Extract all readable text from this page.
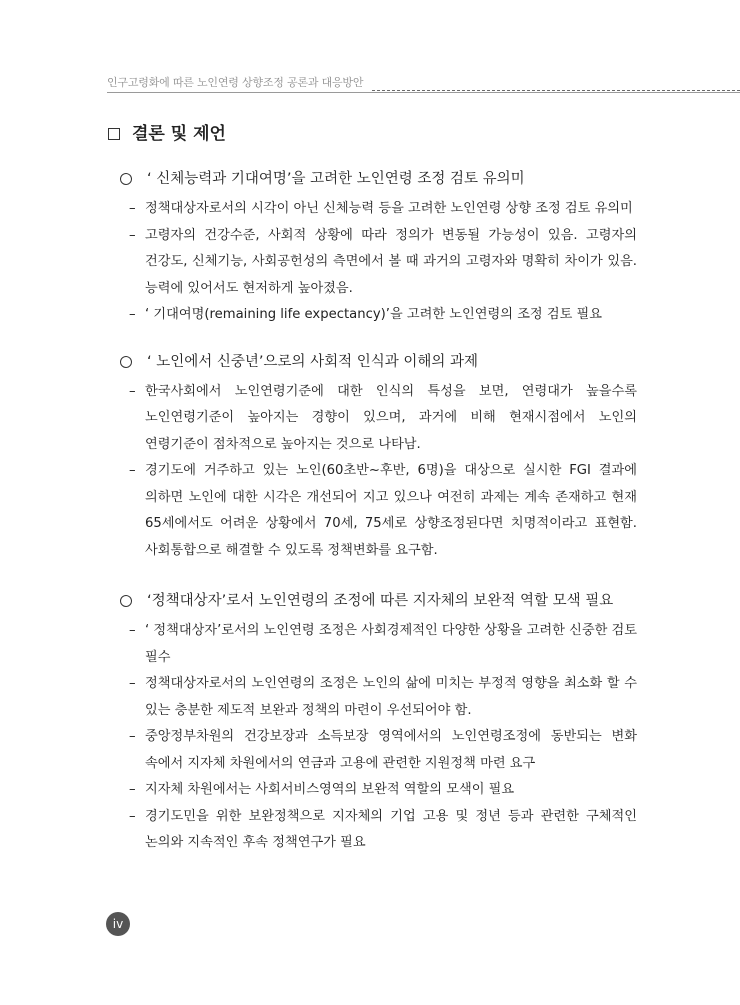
인구고령화에 따른 노인연령 상향조정 공론과 대응방안
결론 및 제언
‘ 신체능력과 기대여명’을 고려한 노인연령 조정 검토 유의미
– 정책대상자로서의 시각이 아닌 신체능력 등을 고려한 노인연령 상향 조정 검토 유의미
– 고령자의 건강수준, 사회적 상황에 따라 정의가 변동될 가능성이 있음. 고령자의 건강도, 신체기능, 사회공헌성의 측면에서 볼 때 과거의 고령자와 명확히 차이가 있음. 능력에 있어서도 현저하게 높아졌음.
– ‘ 기대여명(remaining life expectancy)’을 고려한 노인연령의 조정 검토 필요
‘ 노인에서 신중년’으로의 사회적 인식과 이해의 과제
– 한국사회에서 노인연령기준에 대한 인식의 특성을 보면, 연령대가 높을수록 노인연령기준이 높아지는 경향이 있으며, 과거에 비해 현재시점에서 노인의 연령기준이 점차적으로 높아지는 것으로 나타남.
– 경기도에 거주하고 있는 노인(60초반~후반, 6명)을 대상으로 실시한 FGI 결과에 의하면 노인에 대한 시각은 개선되어 지고 있으나 여전히 과제는 계속 존재하고 현재 65세에서도 어려운 상황에서 70세, 75세로 상향조정된다면 치명적이라고 표현함. 사회통합으로 해결할 수 있도록 정책변화를 요구함.
‘정책대상자’로서 노인연령의 조정에 따른 지자체의 보완적 역할 모색 필요
– ‘ 정책대상자’로서의 노인연령 조정은 사회경제적인 다양한 상황을 고려한 신중한 검토 필수
– 정책대상자로서의 노인연령의 조정은 노인의 삶에 미치는 부정적 영향을 최소화 할 수 있는 충분한 제도적 보완과 정책의 마련이 우선되어야 함.
– 중앙정부차원의 건강보장과 소득보장 영역에서의 노인연령조정에 동반되는 변화 속에서 지자체 차원에서의 연금과 고용에 관련한 지원정책 마련 요구
– 지자체 차원에서는 사회서비스영역의 보완적 역할의 모색이 필요
– 경기도민을 위한 보완정책으로 지자체의 기업 고용 및 정년 등과 관련한 구체적인 논의와 지속적인 후속 정책연구가 필요
iv
